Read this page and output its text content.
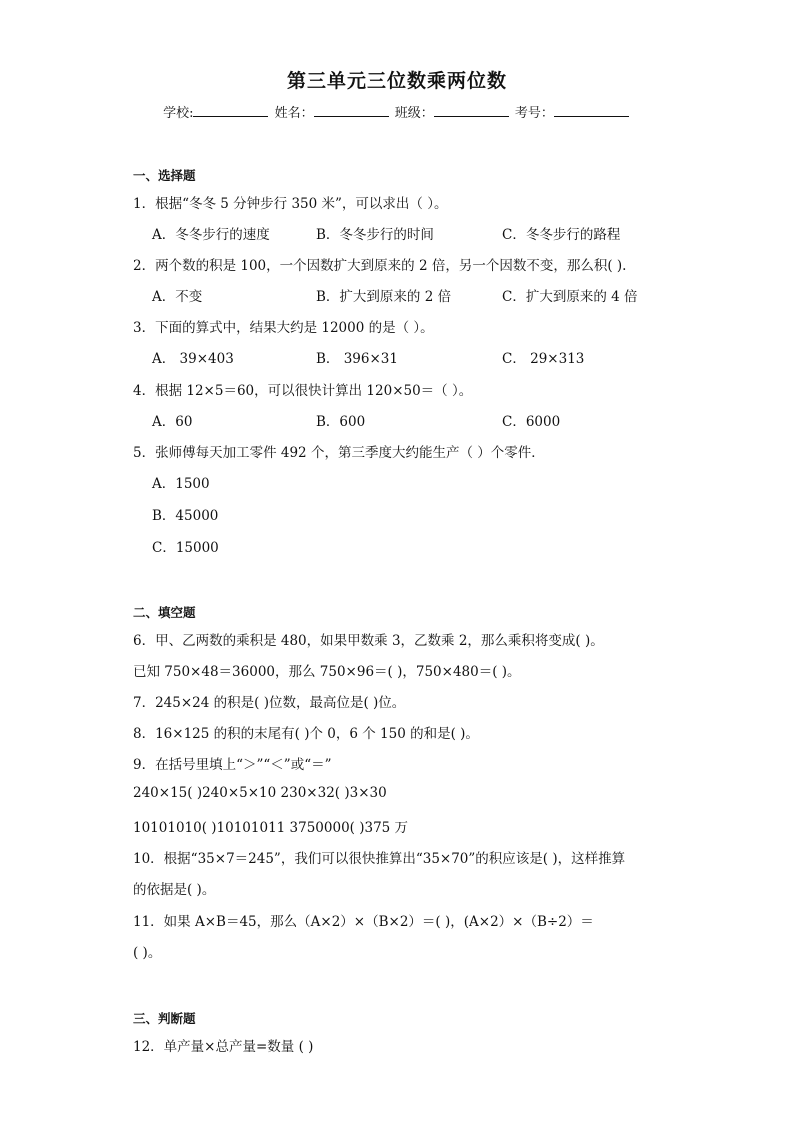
第三单元三位数乘两位数
学校:	姓名：	班级：	考号：
一、选择题
1．根据“冬冬 5 分钟步行 350 米”，可以求出（ ）。
A．冬冬步行的速度	B．冬冬步行的时间	C．冬冬步行的路程
2．两个数的积是 100，一个因数扩大到原来的 2 倍，另一个因数不变，那么积( ).
A．不变	B．扩大到原来的 2 倍	C．扩大到原来的 4 倍
3．下面的算式中，结果大约是 12000 的是（ ）。
A． 39×403	B． 396×31	C． 29×313
4．根据 12×5＝60，可以很快计算出 120×50＝（ ）。
A．60	B．600	C．6000
5．张师傅每天加工零件 492 个，第三季度大约能生产（ ）个零件．
A．1500
B．45000
C．15000
二、填空题
6．甲、乙两数的乘积是 480，如果甲数乘 3，乙数乘 2，那么乘积将变成( )。
已知 750×48＝36000，那么 750×96＝( )，750×480＝( )。
7．245×24 的积是( )位数，最高位是( )位。
8．16×125 的积的末尾有( )个 0，6 个 150 的和是( )。
9．在括号里填上“＞”“＜”或“＝”
240×15( )240×5×10 230×32( )3×30
10101010( )10101011 3750000( )375 万
10．根据“35×7＝245”，我们可以很快推算出“35×70”的积应该是( )，这样推算
的依据是( )。
11．如果 A×B＝45，那么（A×2）×（B×2）＝( )，(A×2）×（B÷2）＝
( )。
三、判断题
12．单产量×总产量=数量 ( )
